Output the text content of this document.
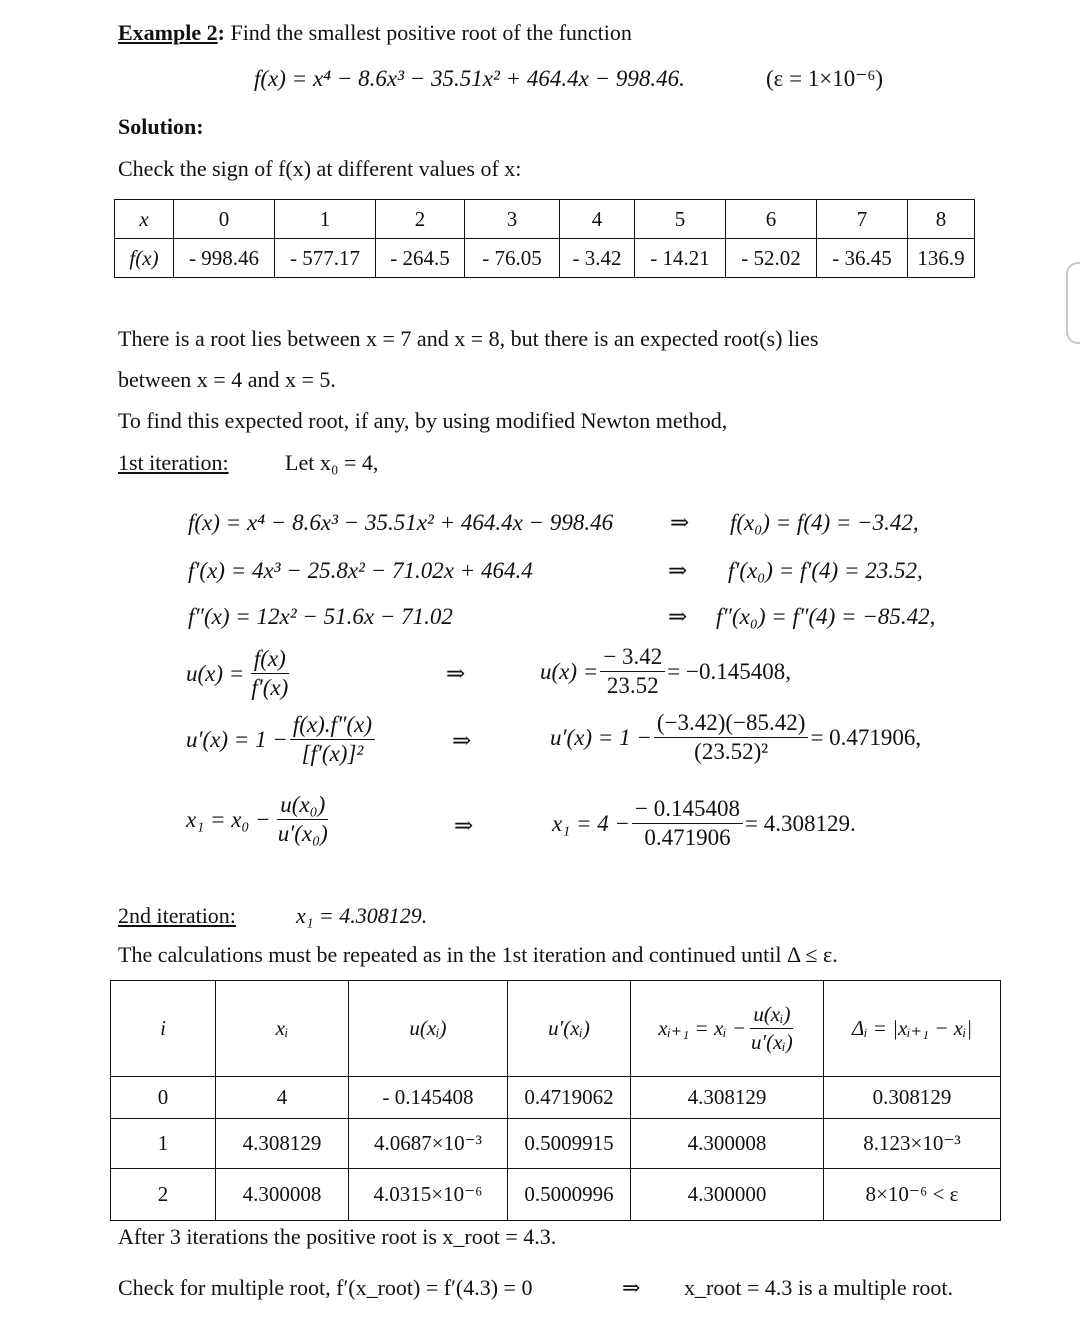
Example 2: Find the smallest positive root of the function
f(x) = x⁴ − 8.6x³ − 35.51x² + 464.4x − 998.46.	(ε = 1×10⁻⁶)
Solution:
Check the sign of f(x) at different values of x:
x	0	1	2	3	4	5	6	7	8
f(x)	- 998.46	- 577.17	- 264.5	- 76.05	- 3.42	- 14.21	- 52.02	- 36.45	136.9
There is a root lies between x = 7 and x = 8, but there is an expected root(s) lies
between x = 4 and x = 5.
To find this expected root, if any, by using modified Newton method,
1st iteration:	Let x₀ = 4,
f(x) = x⁴ − 8.6x³ − 35.51x² + 464.4x − 998.46 ⇒ f(x₀) = f(4) = −3.42,
f′(x) = 4x³ − 25.8x² − 71.02x + 464.4	⇒ f′(x₀) = f′(4) = 23.52,
f″(x) = 12x² − 51.6x − 71.02	⇒ f″(x₀) = f″(4) = −85.42,
$u(x) = \frac{f(x)}{f'(x)}$	⇒	$u(x) = \frac{- 3.42}{23.52} = -0.145408$,
$u'(x) = 1 - \frac{f(x).f''(x)}{\text{[f′(x)]²}}$	⇒	$u'(x) = 1 - \frac{(-3.42)(-85.42)}{\text{(23.52)²}} = 0.471906$,
$x_1 = x_0 - \frac{\text{u(x₀)}}{\text{u′(x₀)}}$	⇒	$x_1 = 4 - \frac{- 0.145408}{0.471906} = 4.308129$.
2nd iteration:	x₁ = 4.308129.
The calculations must be repeated as in the 1st iteration and continued until Δ ≤ ε.
i	xᵢ	u(xᵢ)	u′(xᵢ)	xᵢ₊₁ = xᵢ − $\frac{\text{u(xᵢ)}}{\text{u′(xᵢ)}}$	Δᵢ = |xᵢ₊₁ − xᵢ|
0	4	- 0.145408	0.4719062	4.308129	0.308129
1	4.308129	4.0687×10⁻³	0.5009915	4.300008	8.123×10⁻³
2	4.300008	4.0315×10⁻⁶	0.5000996	4.300000	8×10⁻⁶ < ε
After 3 iterations the positive root is x_root = 4.3.
Check for multiple root, f′(x_root) = f′(4.3) = 0	⇒ x_root = 4.3 is a multiple root.
